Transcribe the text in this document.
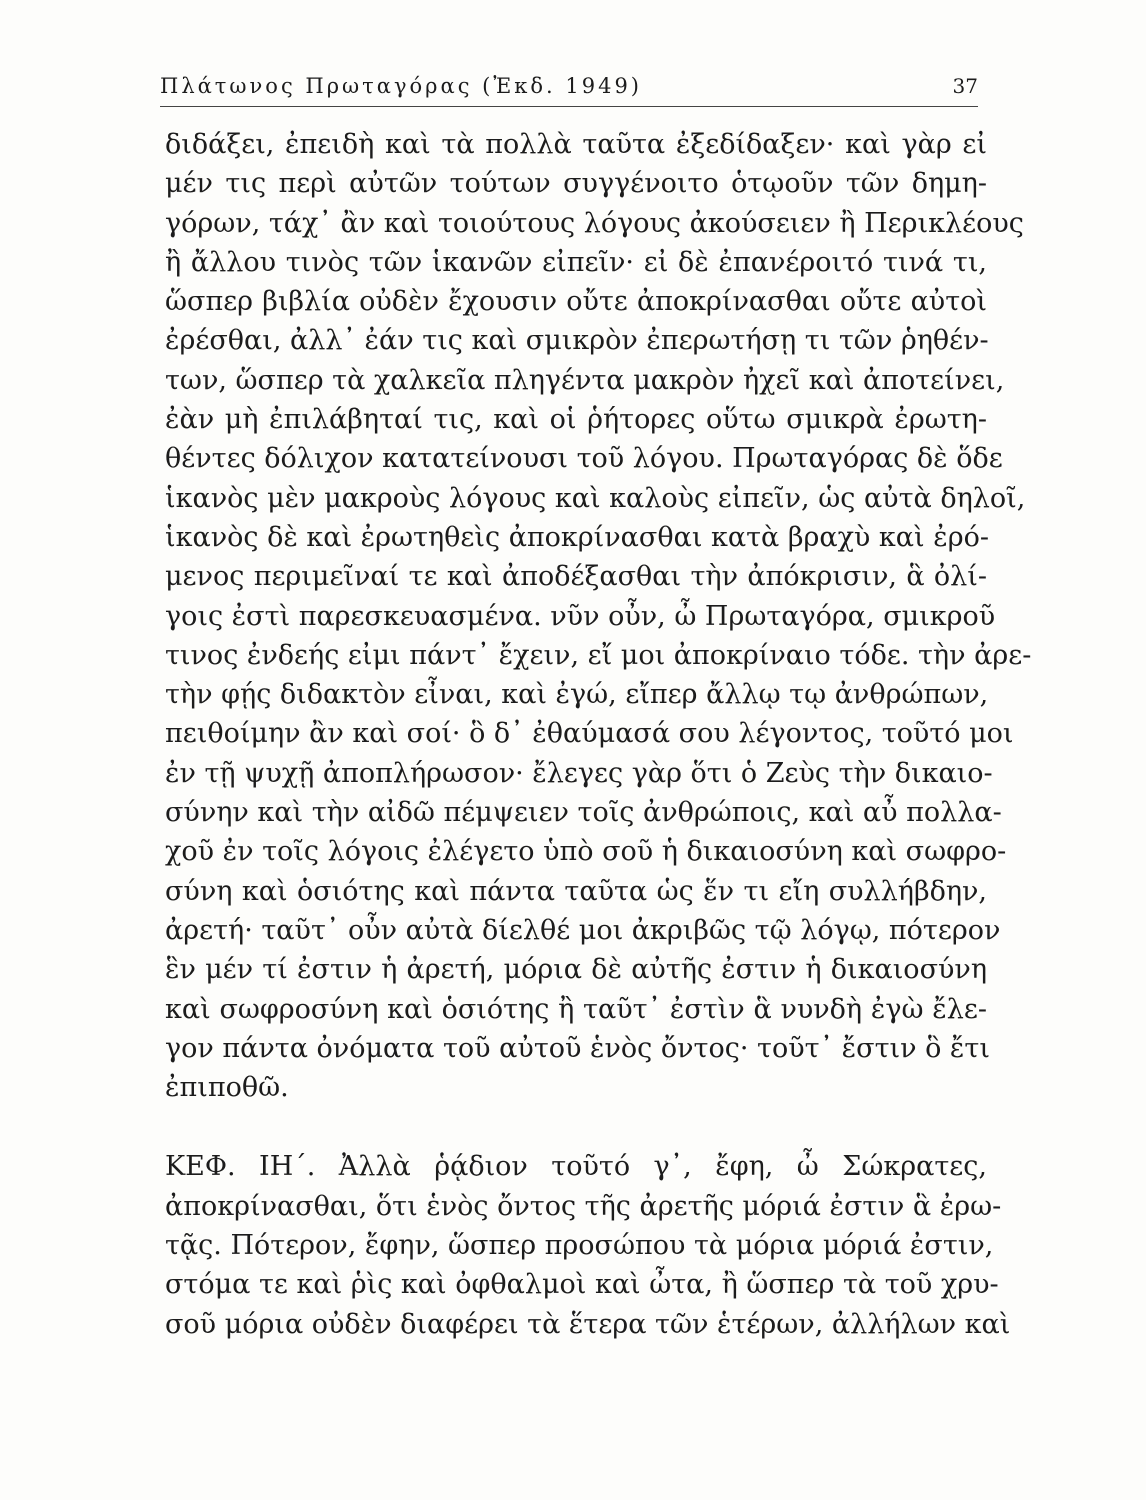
Πλάτωνος Πρωταγόρας (Ἐκδ. 1949)	37
διδάξει, ἐπειδὴ καὶ τὰ πολλὰ ταῦτα ἐξεδίδαξεν· καὶ γὰρ εἰ
μέν τις περὶ αὐτῶν τούτων συγγένοιτο ὁτῳοῦν τῶν δημη-
γόρων, τάχ᾽ ἂν καὶ τοιούτους λόγους ἀκούσειεν ἢ Περικλέους
ἢ ἄλλου τινὸς τῶν ἱκανῶν εἰπεῖν· εἰ δὲ ἐπανέροιτό τινά τι,
ὥσπερ βιβλία οὐδὲν ἔχουσιν οὔτε ἀποκρίνασθαι οὔτε αὐτοὶ
ἐρέσθαι, ἀλλ᾽ ἐάν τις καὶ σμικρὸν ἐπερωτήσῃ τι τῶν ῥηθέν-
των, ὥσπερ τὰ χαλκεῖα πληγέντα μακρὸν ἠχεῖ καὶ ἀποτείνει,
ἐὰν μὴ ἐπιλάβηταί τις, καὶ οἱ ῥήτορες οὕτω σμικρὰ ἐρωτη-
θέντες δόλιχον κατατείνουσι τοῦ λόγου. Πρωταγόρας δὲ ὅδε
ἱκανὸς μὲν μακροὺς λόγους καὶ καλοὺς εἰπεῖν, ὡς αὐτὰ δηλοῖ,
ἱκανὸς δὲ καὶ ἐρωτηθεὶς ἀποκρίνασθαι κατὰ βραχὺ καὶ ἐρό-
μενος περιμεῖναί τε καὶ ἀποδέξασθαι τὴν ἀπόκρισιν, ἃ ὀλί-
γοις ἐστὶ παρεσκευασμένα. νῦν οὖν, ὦ Πρωταγόρα, σμικροῦ
τινος ἐνδεής εἰμι πάντ᾽ ἔχειν, εἴ μοι ἀποκρίναιο τόδε. τὴν ἀρε-
τὴν φῄς διδακτὸν εἶναι, καὶ ἐγώ, εἴπερ ἄλλῳ τῳ ἀνθρώπων,
πειθοίμην ἂν καὶ σοί· ὃ δ᾽ ἐθαύμασά σου λέγοντος, τοῦτό μοι
ἐν τῇ ψυχῇ ἀποπλήρωσον· ἔλεγες γὰρ ὅτι ὁ Ζεὺς τὴν δικαιο-
σύνην καὶ τὴν αἰδῶ πέμψειεν τοῖς ἀνθρώποις, καὶ αὖ πολλα-
χοῦ ἐν τοῖς λόγοις ἐλέγετο ὑπὸ σοῦ ἡ δικαιοσύνη καὶ σωφρο-
σύνη καὶ ὁσιότης καὶ πάντα ταῦτα ὡς ἕν τι εἴη συλλήβδην,
ἀρετή· ταῦτ᾽ οὖν αὐτὰ δίελθέ μοι ἀκριβῶς τῷ λόγῳ, πότερον
ἓν μέν τί ἐστιν ἡ ἀρετή, μόρια δὲ αὐτῆς ἐστιν ἡ δικαιοσύνη
καὶ σωφροσύνη καὶ ὁσιότης ἢ ταῦτ᾽ ἐστὶν ἃ νυνδὴ ἐγὼ ἔλε-
γον πάντα ὀνόματα τοῦ αὐτοῦ ἑνὸς ὄντος· τοῦτ᾽ ἔστιν ὃ ἔτι
ἐπιποθῶ.
ΚΕΦ. ΙΗ΄. Ἀλλὰ ῥᾴδιον τοῦτό γ᾽, ἔφη, ὦ Σώκρατες,
ἀποκρίνασθαι, ὅτι ἑνὸς ὄντος τῆς ἀρετῆς μόριά ἐστιν ἃ ἐρω-
τᾷς. Πότερον, ἔφην, ὥσπερ προσώπου τὰ μόρια μόριά ἐστιν,
στόμα τε καὶ ῥὶς καὶ ὀφθαλμοὶ καὶ ὦτα, ἢ ὥσπερ τὰ τοῦ χρυ-
σοῦ μόρια οὐδὲν διαφέρει τὰ ἕτερα τῶν ἑτέρων, ἀλλήλων καὶ
